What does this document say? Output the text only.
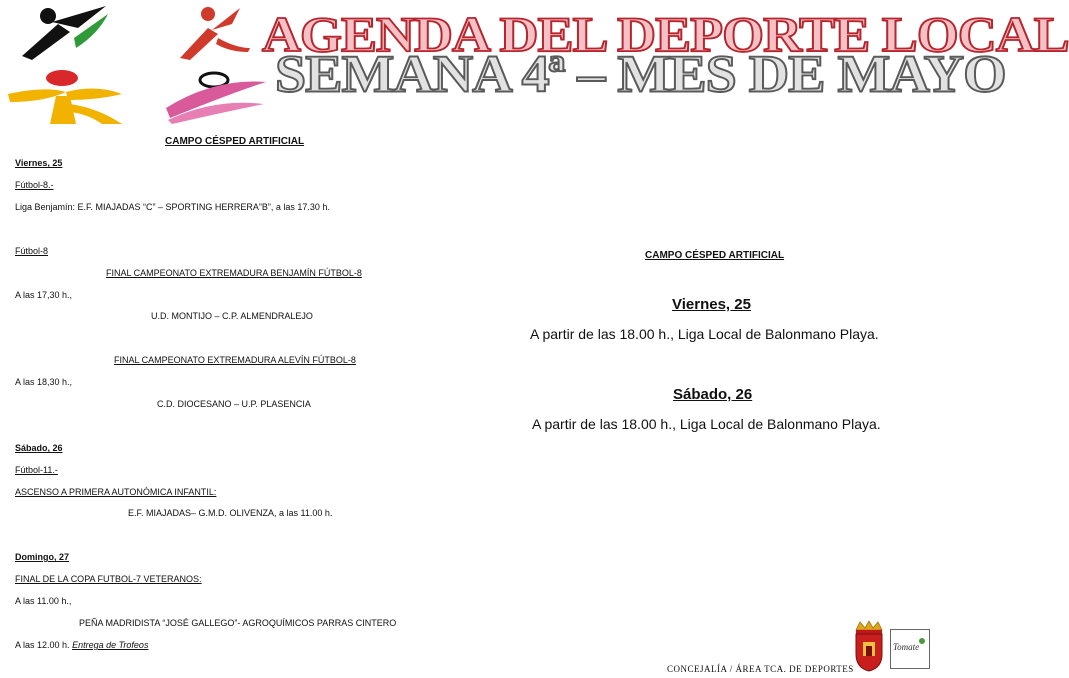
AGENDA DEL DEPORTE LOCAL
SEMANA 4ª – MES DE MAYO
CAMPO CÉSPED ARTIFICIAL
Viernes, 25
Fútbol-8.-
Liga Benjamín: E.F. MIAJADAS “C” – SPORTING HERRERA”B”, a las 17.30 h.
Fútbol-8
FINAL CAMPEONATO EXTREMADURA BENJAMÍN FÚTBOL-8
A las 17,30 h.,
U.D. MONTIJO – C.P. ALMENDRALEJO
FINAL CAMPEONATO EXTREMADURA ALEVÍN FÚTBOL-8
A las 18,30 h.,
C.D. DIOCESANO – U.P. PLASENCIA
Sábado, 26
Fútbol-11.-
ASCENSO A PRIMERA AUTONÓMICA INFANTIL:
E.F. MIAJADAS– G.M.D. OLIVENZA, a las 11.00 h.
Domingo, 27
FINAL DE LA COPA FUTBOL-7 VETERANOS:
A las 11.00 h.,
PEÑA MADRIDISTA “JOSÉ GALLEGO”- AGROQUÍMICOS PARRAS CINTERO
A las 12.00 h. Entrega de Trofeos
CAMPO CÉSPED ARTIFICIAL
Viernes, 25
A partir de las 18.00 h., Liga Local de Balonmano Playa.
Sábado, 26
A partir de las 18.00 h., Liga Local de Balonmano Playa.
CONCEJALÍA / ÁREA TCA. DE DEPORTES
Tomate
